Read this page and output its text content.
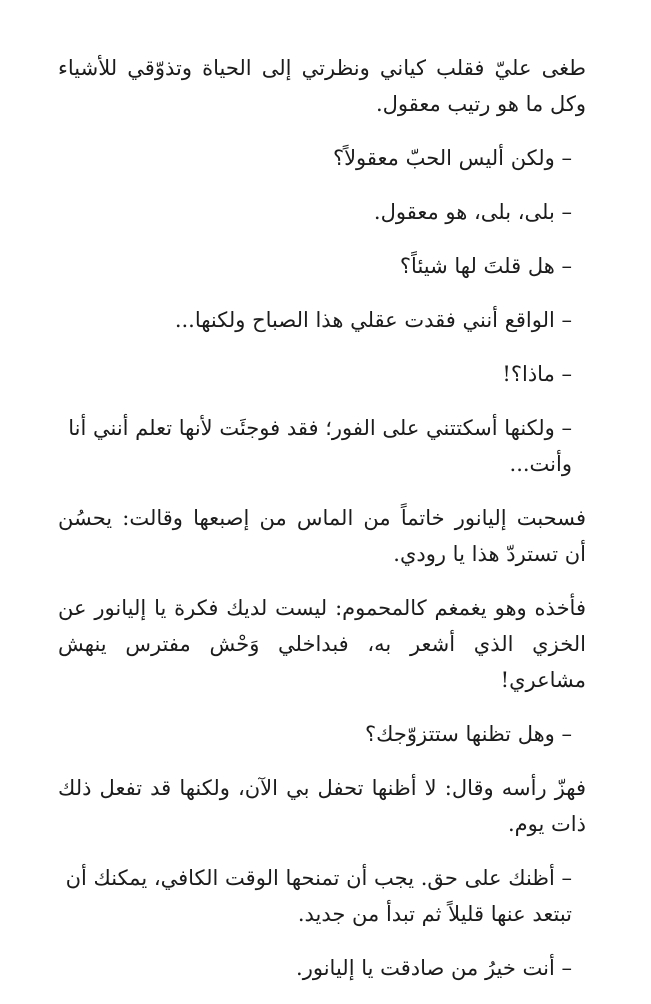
طغى عليّ فقلب كياني ونظرتي إلى الحياة وتذوّقي للأشياء وكل ما هو رتيب معقول.

– ولكن أليس الحبّ معقولاً؟

– بلى، بلى، هو معقول.

– هل قلتَ لها شيئاً؟

– الواقع أنني فقدت عقلي هذا الصباح ولكنها...

– ماذا؟!

– ولكنها أسكتتني على الفور؛ فقد فوجئَت لأنها تعلم أنني أنا وأنت...

فسحبت إليانور خاتماً من الماس من إصبعها وقالت: يحسُن أن تستردّ هذا يا رودي.

فأخذه وهو يغمغم كالمحموم: ليست لديك فكرة يا إليانور عن الخزي الذي أشعر به، فبداخلي وَحْش مفترس ينهش مشاعري!

– وهل تظنها ستتزوّجك؟

فهزّ رأسه وقال: لا أظنها تحفل بي الآن، ولكنها قد تفعل ذلك ذات يوم.

– أظنك على حق. يجب أن تمنحها الوقت الكافي، يمكنك أن تبتعد عنها قليلاً ثم تبدأ من جديد.

– أنت خيرُ من صادقت يا إليانور.
